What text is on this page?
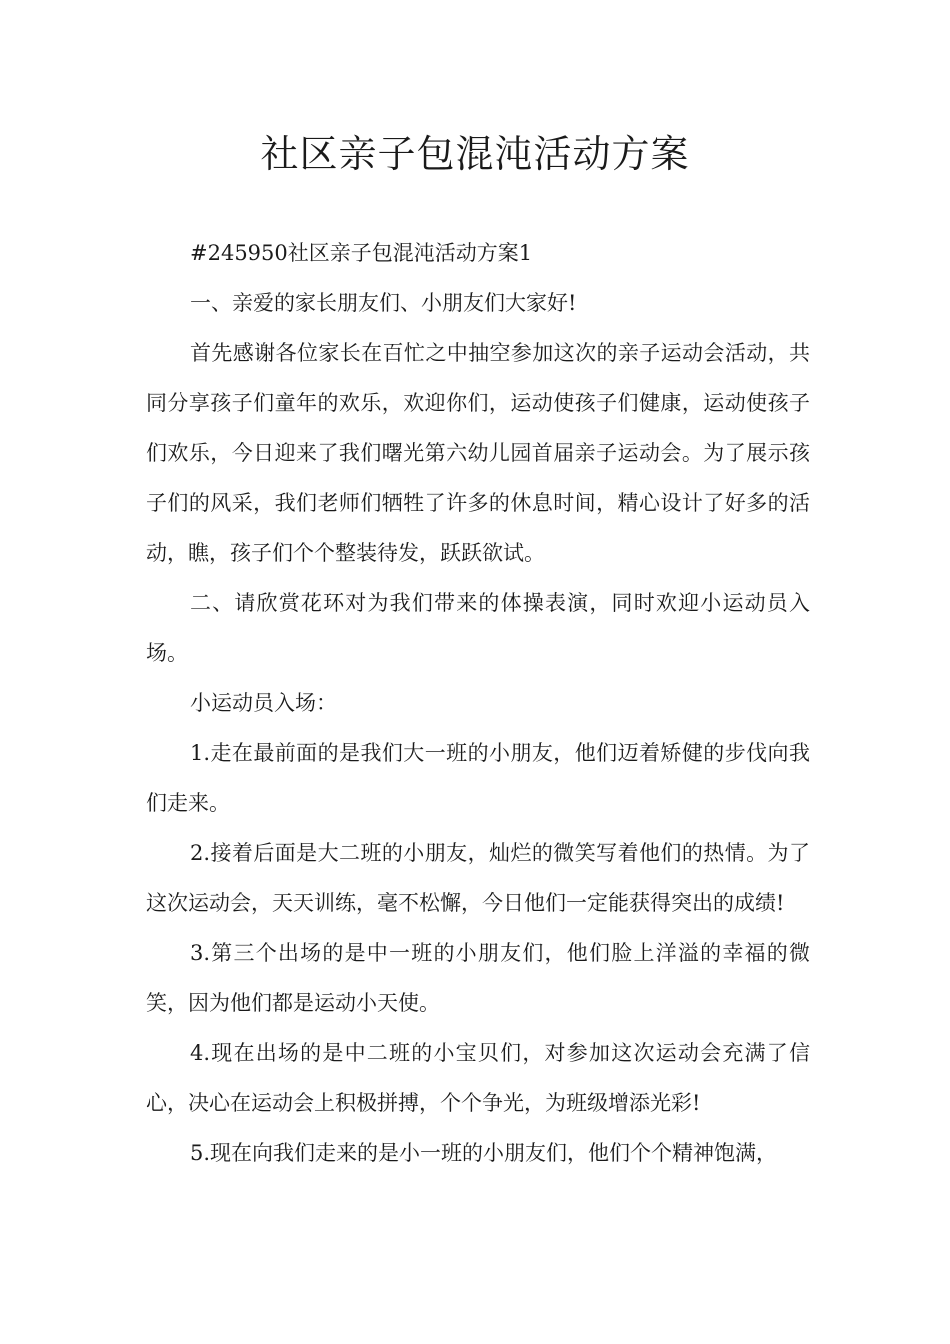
社区亲子包混沌活动方案

#245950社区亲子包混沌活动方案1

一、亲爱的家长朋友们、小朋友们大家好!

首先感谢各位家长在百忙之中抽空参加这次的亲子运动会活动，共同分享孩子们童年的欢乐，欢迎你们，运动使孩子们健康，运动使孩子们欢乐，今日迎来了我们曙光第六幼儿园首届亲子运动会。为了展示孩子们的风采，我们老师们牺牲了许多的休息时间，精心设计了好多的活动，瞧，孩子们个个整装待发，跃跃欲试。

二、请欣赏花环对为我们带来的体操表演，同时欢迎小运动员入场。

小运动员入场：

1.走在最前面的是我们大一班的小朋友，他们迈着矫健的步伐向我们走来。

2.接着后面是大二班的小朋友，灿烂的微笑写着他们的热情。为了这次运动会，天天训练，毫不松懈，今日他们一定能获得突出的成绩!

3.第三个出场的是中一班的小朋友们，他们脸上洋溢的幸福的微笑，因为他们都是运动小天使。

4.现在出场的是中二班的小宝贝们，对参加这次运动会充满了信心，决心在运动会上积极拼搏，个个争光，为班级增添光彩!

5.现在向我们走来的是小一班的小朋友们，他们个个精神饱满，
